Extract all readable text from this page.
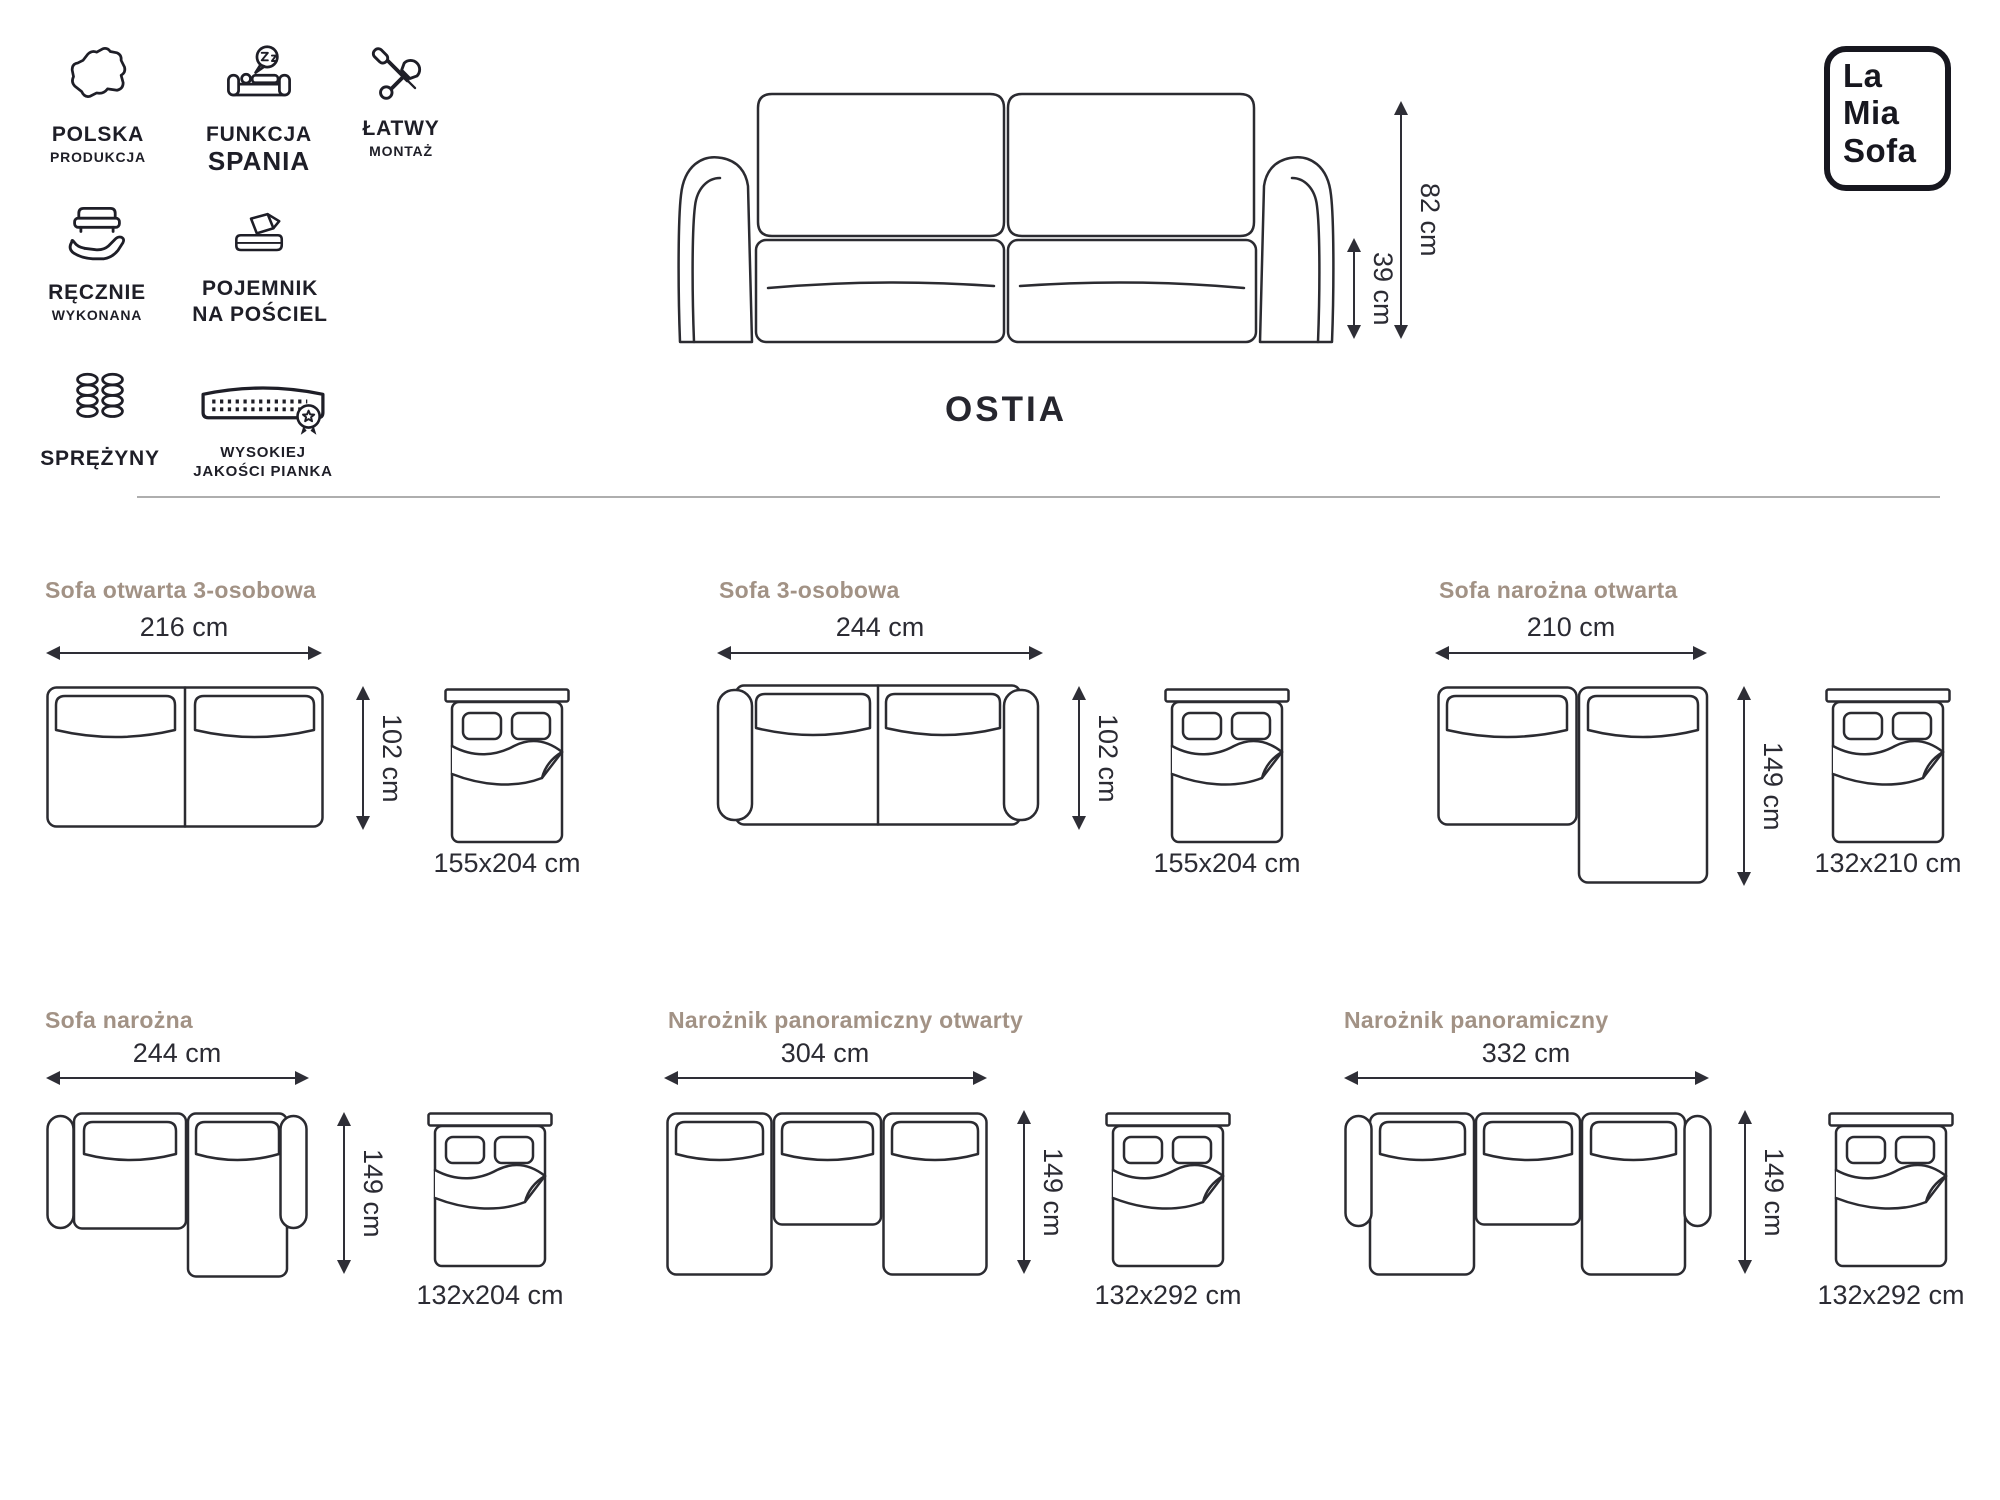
POLSKA
PRODUKCJA
FUNKCJA
SPANIA
ŁATWY
MONTAŻ
RĘCZNIE
WYKONANA
POJEMNIK
NA POŚCIEL
SPRĘŻYNY	WYSOKIEJ
JAKOŚCI PIANKA
La
Mia
Sofa
82 cm
39 cm
OSTIA
Sofa otwarta 3-osobowa
216 cm
102 cm
155x204 cm
Sofa 3-osobowa
244 cm
102 cm
155x204 cm
Sofa narożna otwarta
210 cm
149 cm
132x210 cm
Sofa narożna
244 cm
149 cm
132x204 cm
Narożnik panoramiczny otwarty
304 cm
149 cm
132x292 cm
Narożnik panoramiczny
332 cm
149 cm
132x292 cm
